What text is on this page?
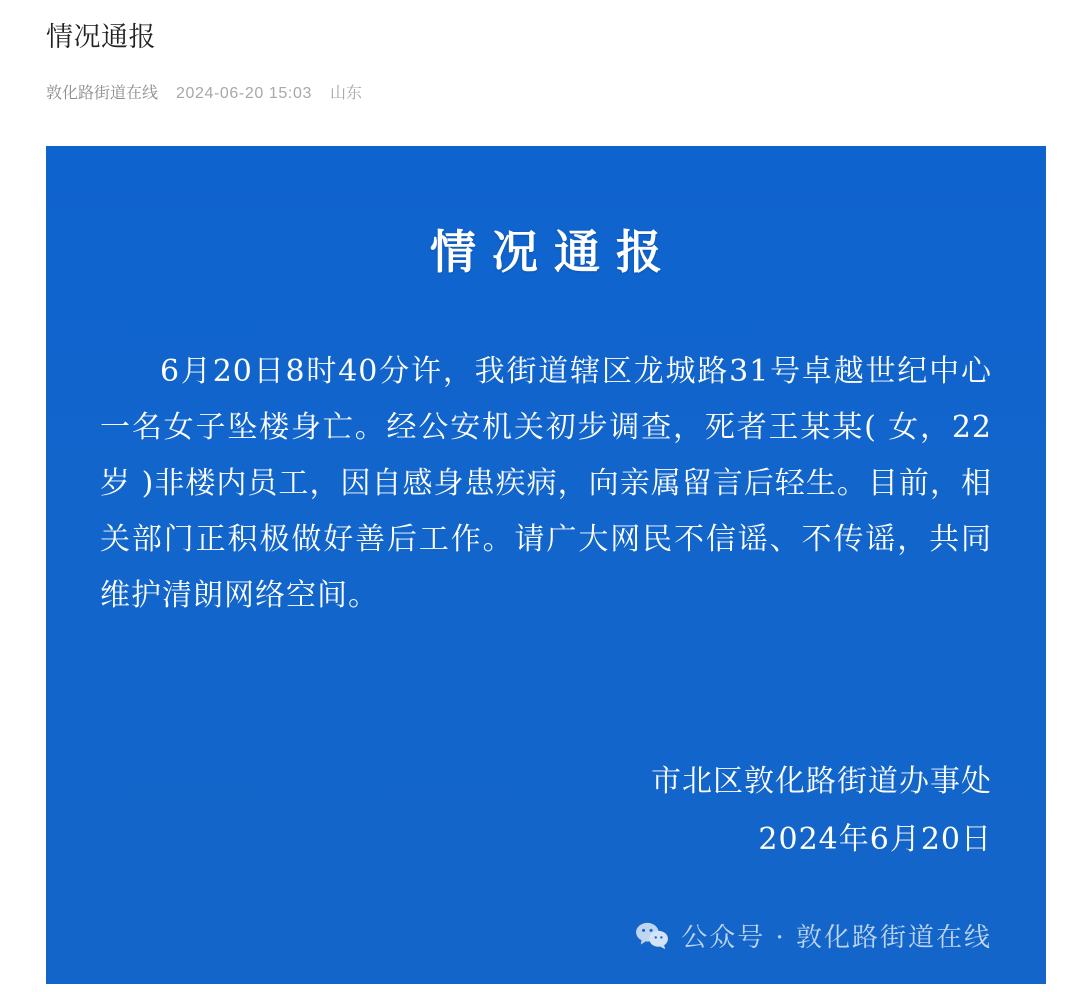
情况通报
敦化路街道在线 2024-06-20 15:03 山东
情况通报
6月20日8时40分许，我街道辖区龙城路31号卓越世纪中心一名女子坠楼身亡。经公安机关初步调查，死者王某某( 女，22岁 )非楼内员工，因自感身患疾病，向亲属留言后轻生。目前，相关部门正积极做好善后工作。请广大网民不信谣、不传谣，共同维护清朗网络空间。
市北区敦化路街道办事处
2024年6月20日
公众号 · 敦化路街道在线
